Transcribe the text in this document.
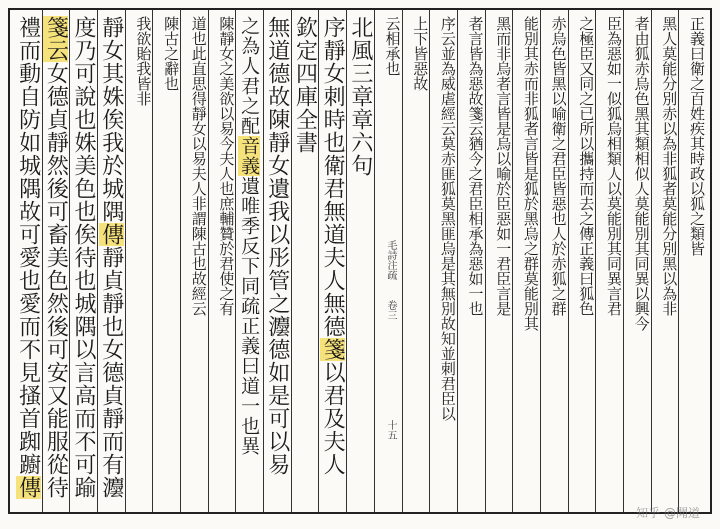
正義曰衛之百姓疾其時政以狐之類皆
黑人莫能分別赤以為非狐者莫能分別黑以為非
者由狐赤烏色黑其類相似人莫能別其同異以興今
臣為惡如一似狐烏相類人以莫能別其同異言君
之極臣又同之已所以攜持而去之傳正義曰狐色
赤烏色皆黑以喻衛之君臣皆惡也人於赤狐之群
能別其赤而非狐者言皆是狐於黑烏之群莫能別其
黑而非烏者言皆是烏以喻於臣惡如一君臣言是
者言皆為惡故箋云猶今之君臣相承為惡如一也
序云並為威虐經云莫赤匪狐莫黑匪烏是其無別故知並刺君臣以
上下皆惡故
云相承也
北風三章章六句
序靜女刺時也衛君無道夫人無德箋以君及夫人
欽定四庫全書
無道德故陳靜女遺我以彤管之灋德如是可以易
之為人君之配音義遺唯季反下同疏正義曰道一也異
陳靜女之美欲以易今夫人也庶輔贊於君使之有
道也此直思得靜女以易夫人非謂陳古也故經云
陳古之辭也
我欲貽我皆非
靜女其姝俟我於城隅傳靜貞靜也女德貞靜而有灋
度乃可說也姝美色也俟待也城隅以言高而不可踰
箋云女德貞靜然後可畜美色然後可安又能服從待
禮而動自防如城隅故可愛也愛而不見搔首踟躕傳
毛詩注疏
卷三
十五
知乎 @聞道
